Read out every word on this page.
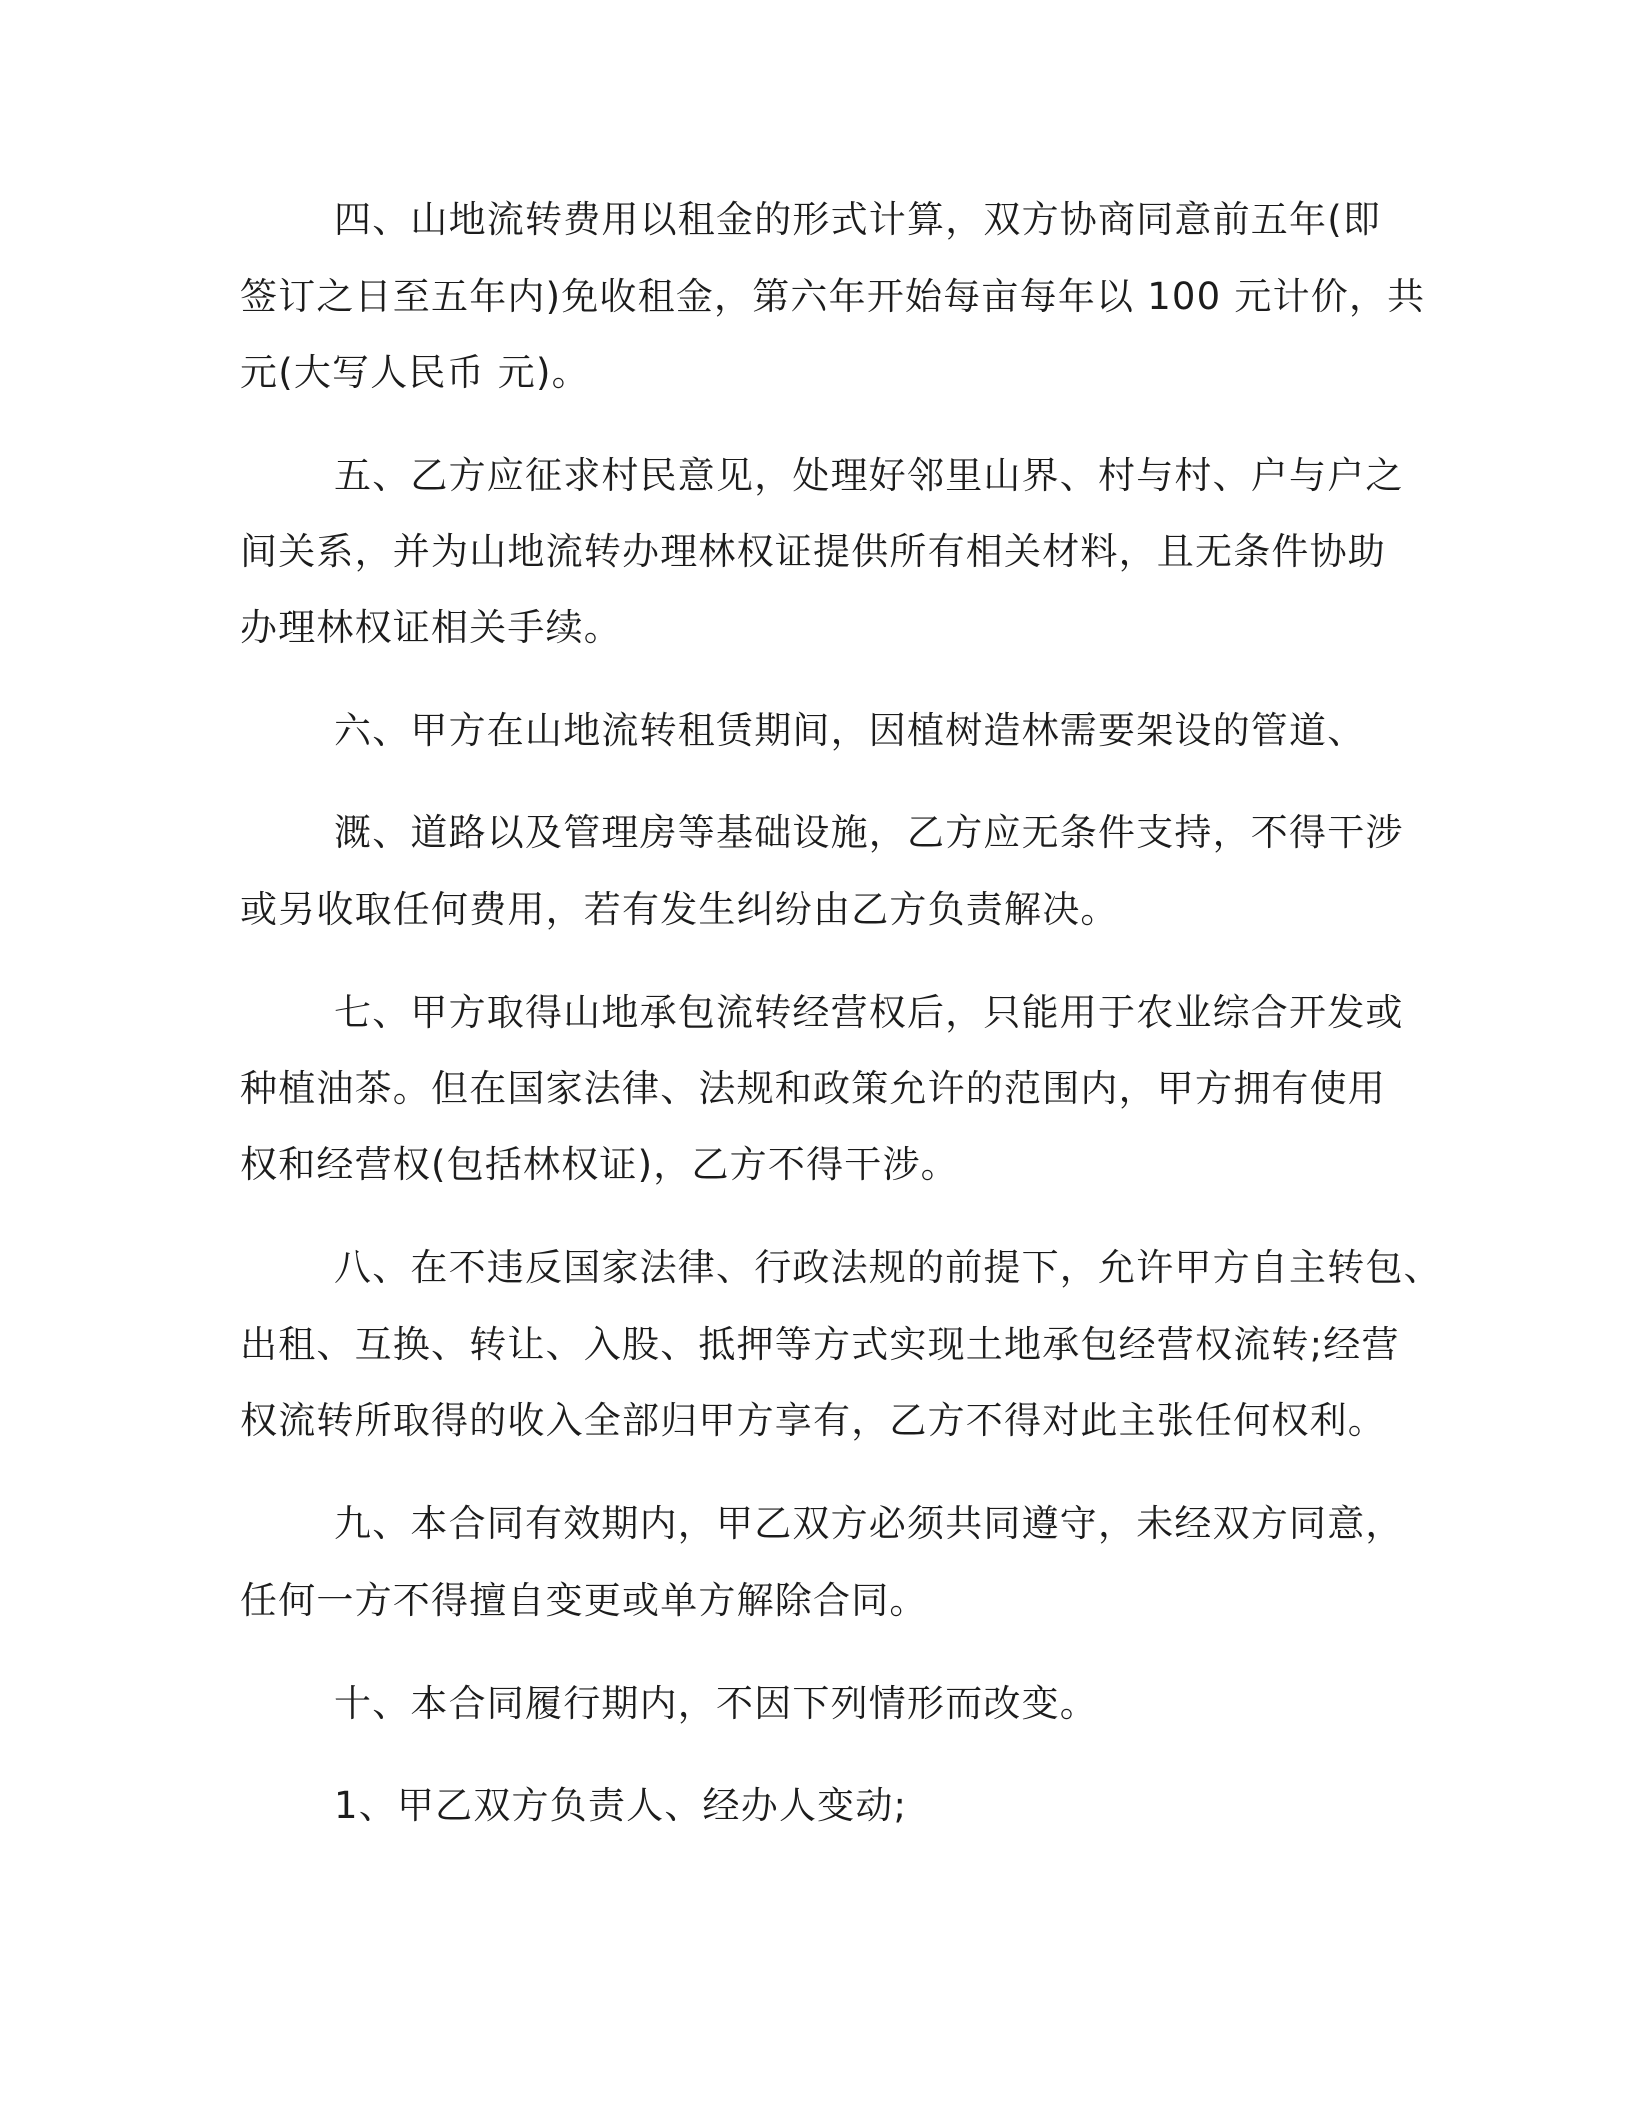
四、山地流转费用以租金的形式计算，双方协商同意前五年(即
签订之日至五年内)免收租金，第六年开始每亩每年以 100 元计价，共
元(大写人民币 元)。
五、乙方应征求村民意见，处理好邻里山界、村与村、户与户之
间关系，并为山地流转办理林权证提供所有相关材料，且无条件协助
办理林权证相关手续。
六、甲方在山地流转租赁期间，因植树造林需要架设的管道、
溉、道路以及管理房等基础设施，乙方应无条件支持，不得干涉
或另收取任何费用，若有发生纠纷由乙方负责解决。
七、甲方取得山地承包流转经营权后，只能用于农业综合开发或
种植油茶。但在国家法律、法规和政策允许的范围内，甲方拥有使用
权和经营权(包括林权证)，乙方不得干涉。
八、在不违反国家法律、行政法规的前提下，允许甲方自主转包、
出租、互换、转让、入股、抵押等方式实现土地承包经营权流转;经营
权流转所取得的收入全部归甲方享有，乙方不得对此主张任何权利。
九、本合同有效期内，甲乙双方必须共同遵守，未经双方同意，
任何一方不得擅自变更或单方解除合同。
十、本合同履行期内，不因下列情形而改变。
1、甲乙双方负责人、经办人变动;
